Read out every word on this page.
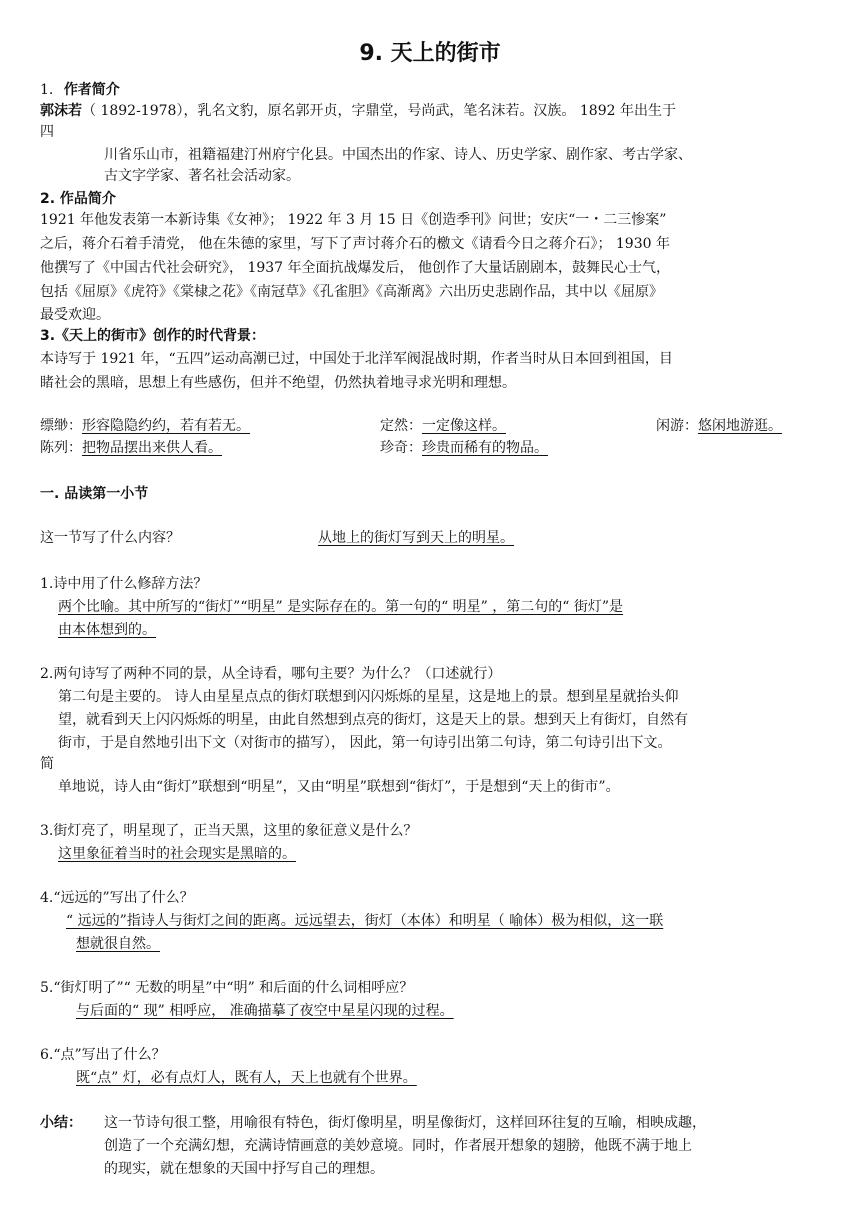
9. 天上的街市
1. 作者简介
郭沫若（ 1892-1978），乳名文豹，原名郭开贞，字鼎堂，号尚武，笔名沫若。汉族。 1892 年出生于
四
川省乐山市，祖籍福建汀州府宁化县。中国杰出的作家、诗人、历史学家、剧作家、考古学家、
古文字学家、著名社会活动家。
2. 作品简介
1921 年他发表第一本新诗集《女神》； 1922 年 3 月 15 日《创造季刊》问世；安庆“一・二三惨案”
之后，蒋介石着手清党， 他在朱德的家里，写下了声讨蒋介石的檄文《请看今日之蒋介石》； 1930 年
他撰写了《中国古代社会研究》， 1937 年全面抗战爆发后， 他创作了大量话剧剧本，鼓舞民心士气，
包括《屈原》《虎符》《棠棣之花》《南冠草》《孔雀胆》《高渐离》六出历史悲剧作品，其中以《屈原》
最受欢迎。
3.《天上的街市》创作的时代背景：
本诗写于 1921 年，“五四”运动高潮已过，中国处于北洋军阀混战时期，作者当时从日本回到祖国，目
睹社会的黑暗，思想上有些感伤，但并不绝望，仍然执着地寻求光明和理想。
缥缈：形容隐隐约约，若有若无。	定然：一定像这样。	闲游：悠闲地游逛。
陈列：把物品摆出来供人看。	珍奇：珍贵而稀有的物品。
一. 品读第一小节
这一节写了什么内容？	从地上的街灯写到天上的明星。
1.诗中用了什么修辞方法？
两个比喻。其中所写的“街灯”“明星” 是实际存在的。第一句的“ 明星” ，第二句的“ 街灯”是
由本体想到的。
2.两句诗写了两种不同的景，从全诗看，哪句主要？为什么？（口述就行）
第二句是主要的。 诗人由星星点点的街灯联想到闪闪烁烁的星星，这是地上的景。想到星星就抬头仰
望，就看到天上闪闪烁烁的明星，由此自然想到点亮的街灯，这是天上的景。想到天上有街灯，自然有
街市，于是自然地引出下文（对街市的描写）， 因此，第一句诗引出第二句诗，第二句诗引出下文。
简
单地说，诗人由“街灯”联想到“明星”，又由“明星”联想到“街灯”，于是想到“天上的街市”。
3.街灯亮了，明星现了，正当天黑，这里的象征意义是什么？
这里象征着当时的社会现实是黑暗的。
4.“远远的”写出了什么？
“ 远远的”指诗人与街灯之间的距离。远远望去，街灯（本体）和明星（ 喻体）极为相似，这一联
想就很自然。
5.“街灯明了”“ 无数的明星”中“明” 和后面的什么词相呼应？
与后面的“ 现” 相呼应， 准确描摹了夜空中星星闪现的过程。
6.“点”写出了什么？
既“点” 灯，必有点灯人，既有人，天上也就有个世界。
小结： 这一节诗句很工整，用喻很有特色，街灯像明星，明星像街灯，这样回环往复的互喻，相映成趣，
创造了一个充满幻想，充满诗情画意的美妙意境。同时，作者展开想象的翅膀，他既不满于地上
的现实，就在想象的天国中抒写自己的理想。
